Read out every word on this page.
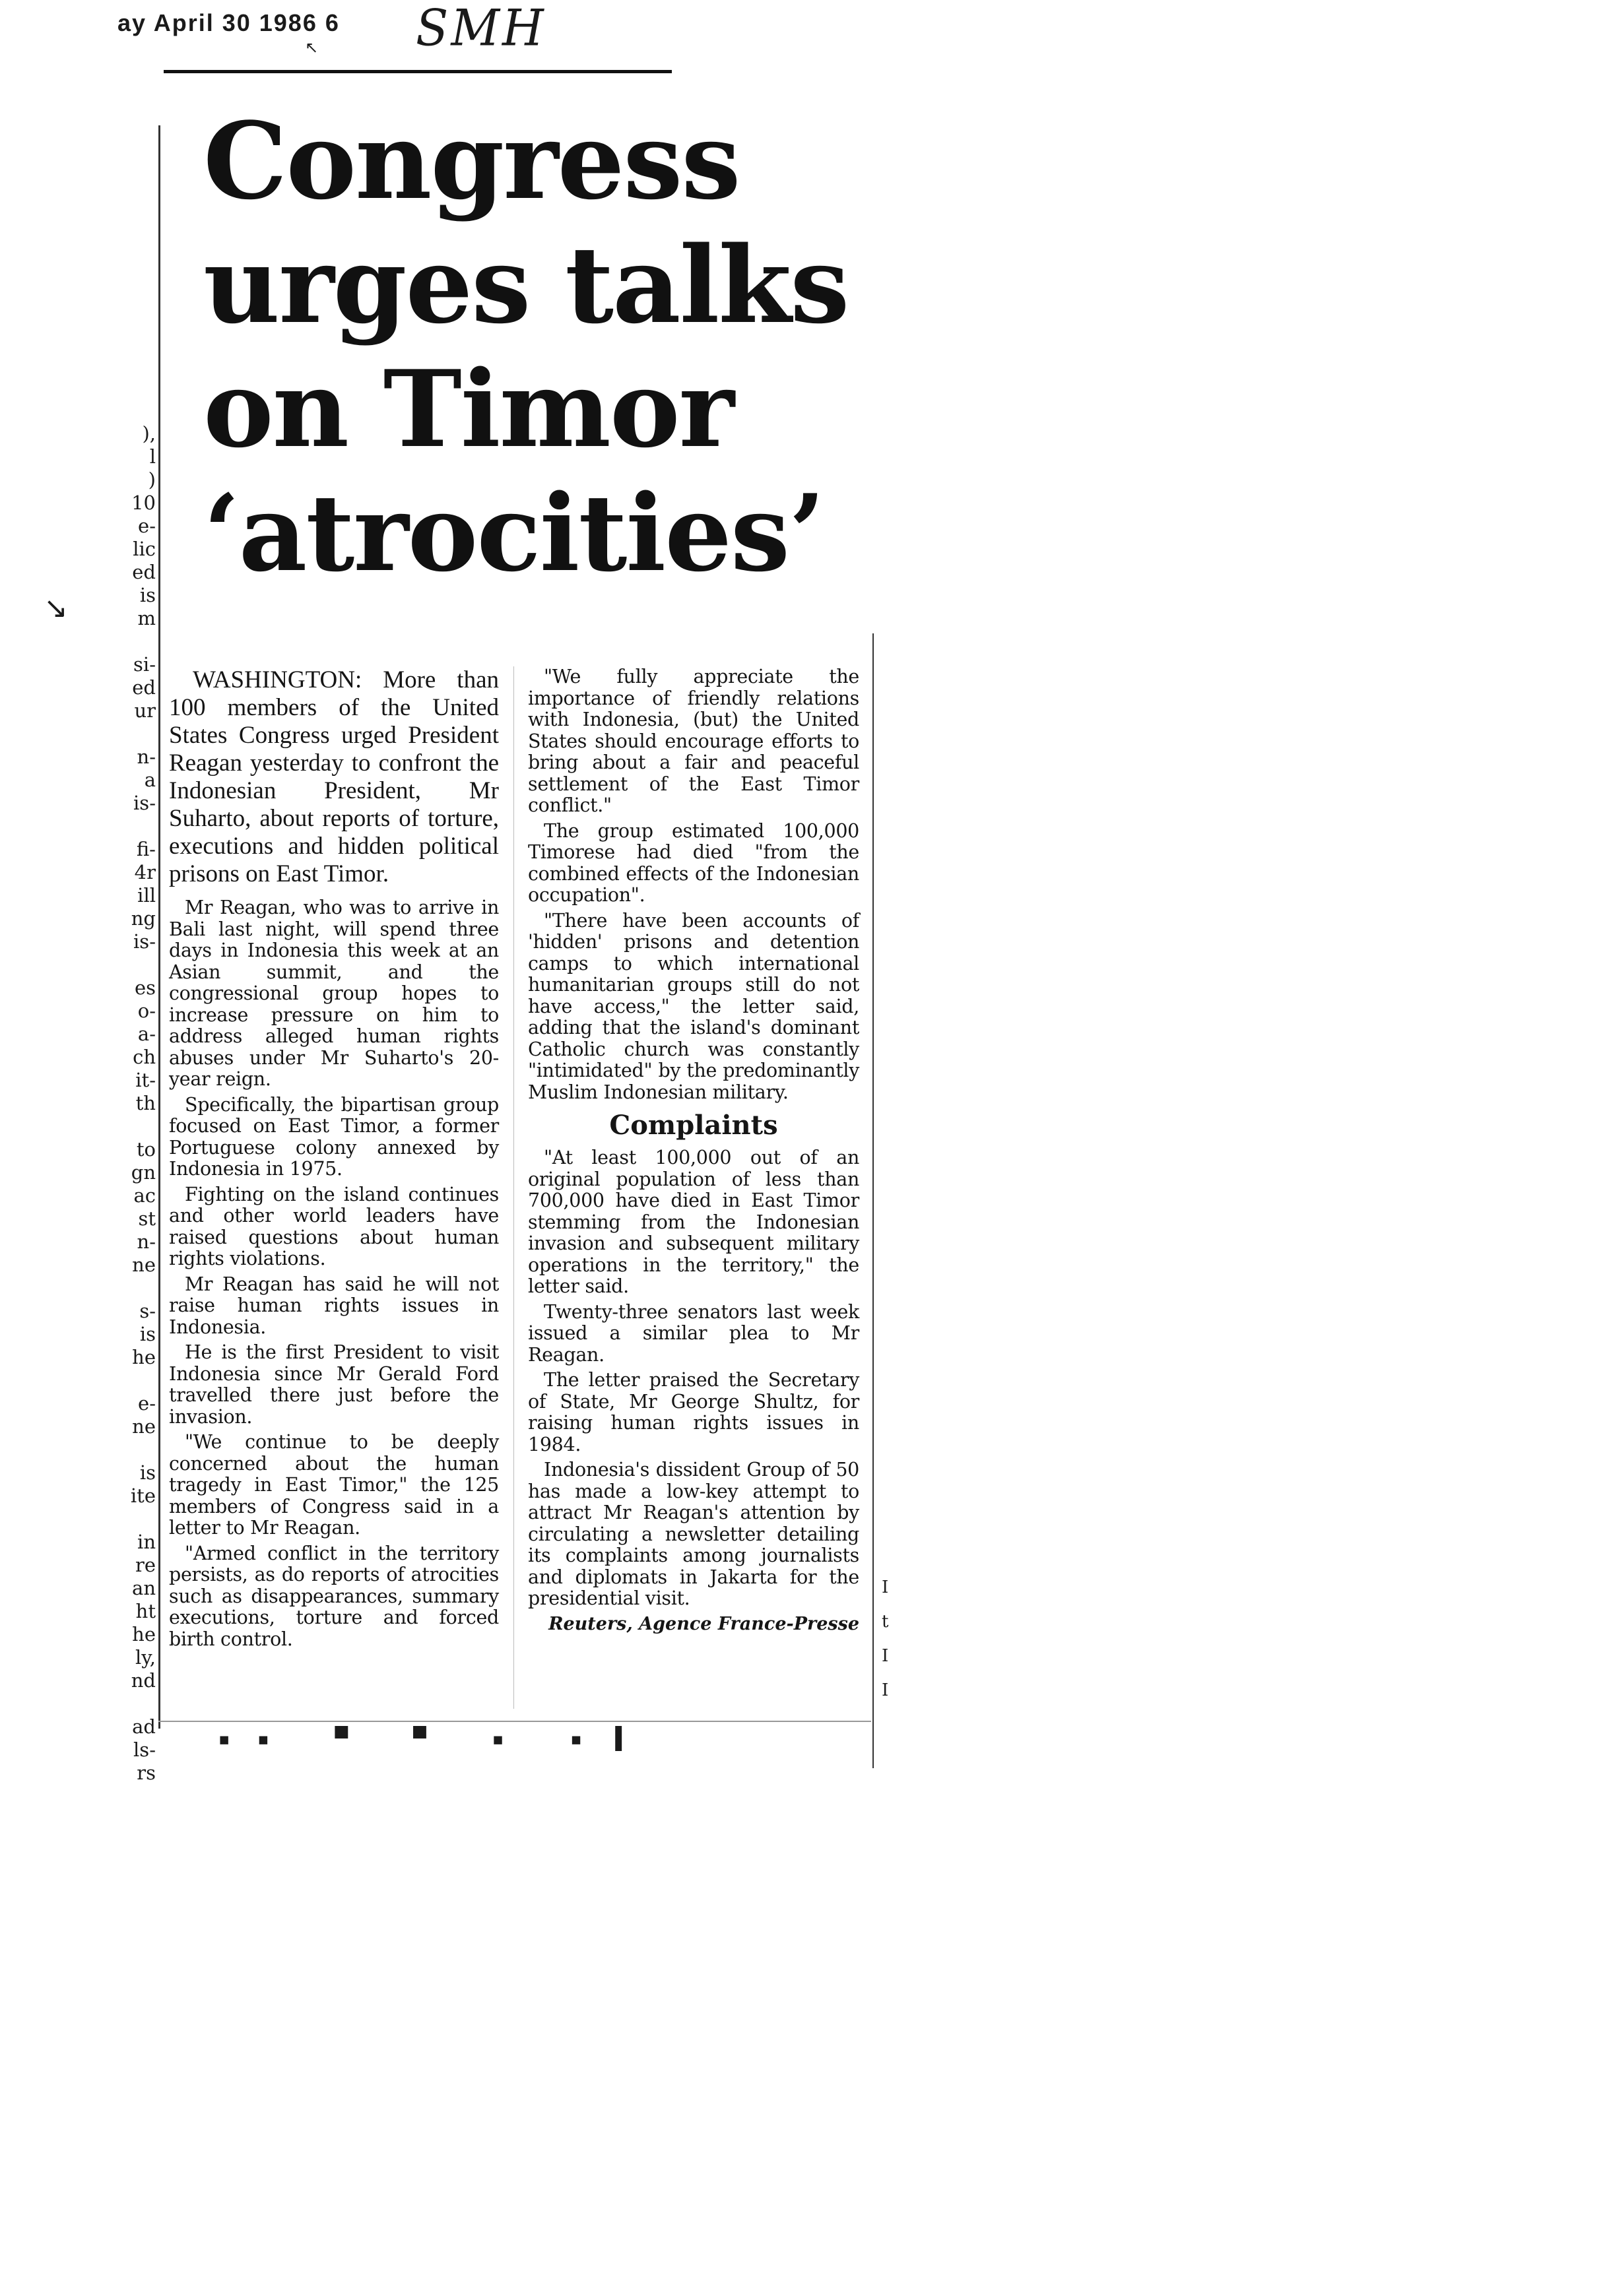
ay April 30 1986 6
↖ SMH
↘
),
l
)
10
e-
lic
ed
is
m

si-
ed
ur

n-
a
is-

fi-
4r
ill
ng
is-

es
o-
a-
ch
it-
th

to
gn
ac
st
n-
ne

s-
is
he

e-
ne

is
ite

in
re
an
ht
he
ly,
nd

ad
ls-
rs
Congress
urges talks
on Timor
‘atrocities’

WASHINGTON: More than 100 members of the United States Congress urged President Reagan yesterday to confront the Indonesian President, Mr Suharto, about reports of torture, executions and hidden political prisons on East Timor.

Mr Reagan, who was to arrive in Bali last night, will spend three days in Indonesia this week at an Asian summit, and the congressional group hopes to increase pressure on him to address alleged human rights abuses under Mr Suharto's 20-year reign.

Specifically, the bipartisan group focused on East Timor, a former Portuguese colony annexed by Indonesia in 1975.

Fighting on the island continues and other world leaders have raised questions about human rights violations.

Mr Reagan has said he will not raise human rights issues in Indonesia.

He is the first President to visit Indonesia since Mr Gerald Ford travelled there just before the invasion.

"We continue to be deeply concerned about the human tragedy in East Timor," the 125 members of Congress said in a letter to Mr Reagan.

"Armed conflict in the territory persists, as do reports of atrocities such as disappearances, summary executions, torture and forced birth control.

"We fully appreciate the importance of friendly relations with Indonesia, (but) the United States should encourage efforts to bring about a fair and peaceful settlement of the East Timor conflict."

The group estimated 100,000 Timorese had died "from the combined effects of the Indonesian occupation".

"There have been accounts of 'hidden' prisons and detention camps to which international humanitarian groups still do not have access," the letter said, adding that the island's dominant Catholic church was constantly "intimidated" by the predominantly Muslim Indonesian military.

Complaints

"At least 100,000 out of an original population of less than 700,000 have died in East Timor stemming from the Indonesian invasion and subsequent military operations in the territory," the letter said.

Twenty-three senators last week issued a similar plea to Mr Reagan.

The letter praised the Secretary of State, Mr George Shultz, for raising human rights issues in 1984.

Indonesia's dissident Group of 50 has made a low-key attempt to attract Mr Reagan's attention by circulating a newsletter detailing its complaints among journalists and diplomats in Jakarta for the presidential visit.

Reuters, Agence France-Presse

I
t
I
I
▪▪ ▀ ▀ ▪ ▪▐
